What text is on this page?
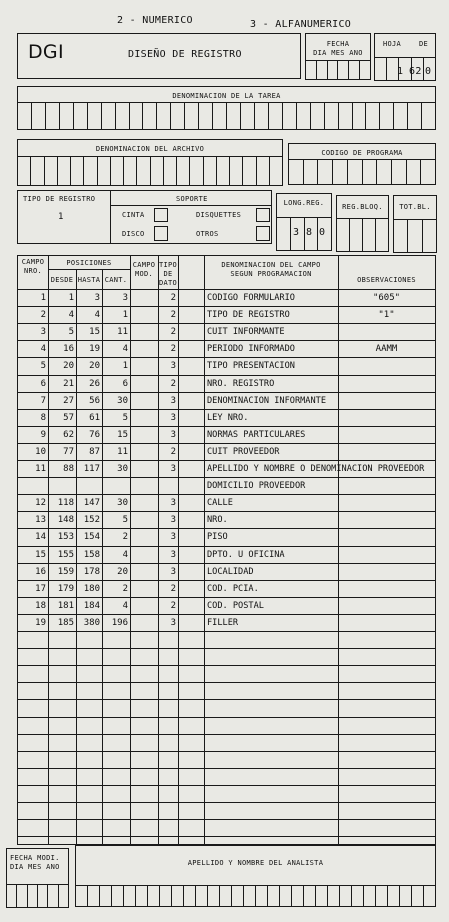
2 - NUMERICO	3 - ALFANUMERICO
DGI	DISEÑO DE REGISTRO
FECHA
DIA MES ANO
HOJA	DE
1 62 0
DENOMINACION DE LA TAREA
DENOMINACION DEL ARCHIVO	CODIGO DE PROGRAMA
TIPO DE REGISTRO
1
SOPORTE
CINTA	DISQUETTES
DISCO	OTROS
LONG.REG.
3 8 0
REG.BLOQ.	TOT.BL.
CAMPO
NRO.
POSICIONES
DESDE HASTA CANT.
CAMPO
MOD.
TIPO
DE
DATO
DENOMINACION DEL CAMPO
SEGUN PROGRAMACION
OBSERVACIONES
1	1	3	3	2	CODIGO FORMULARIO	"605"
2	4	4	1	2	TIPO DE REGISTRO	"1"
3	5	15	11	2	CUIT INFORMANTE
4	16	19	4	2	PERIODO INFORMADO	AAMM
5	20	20	1	3	TIPO PRESENTACION
6	21	26	6	2	NRO. REGISTRO
7	27	56	30	3	DENOMINACION INFORMANTE
8	57	61	5	3	LEY NRO.
9	62	76	15	3	NORMAS PARTICULARES
10	77	87	11	2	CUIT PROVEEDOR
11	88	117	30	3	APELLIDO Y NOMBRE O DENOMINACION PROVEEDOR
DOMICILIO PROVEEDOR
12	118	147	30	3	CALLE
13	148	152	5	3	NRO.
14	153	154	2	3	PISO
15	155	158	4	3	DPTO. U OFICINA
16	159	178	20	3	LOCALIDAD
17	179	180	2	2	COD. PCIA.
18	181	184	4	2	COD. POSTAL
19	185	380	196	3	FILLER
FECHA MODI.
DIA MES ANO	APELLIDO Y NOMBRE DEL ANALISTA
